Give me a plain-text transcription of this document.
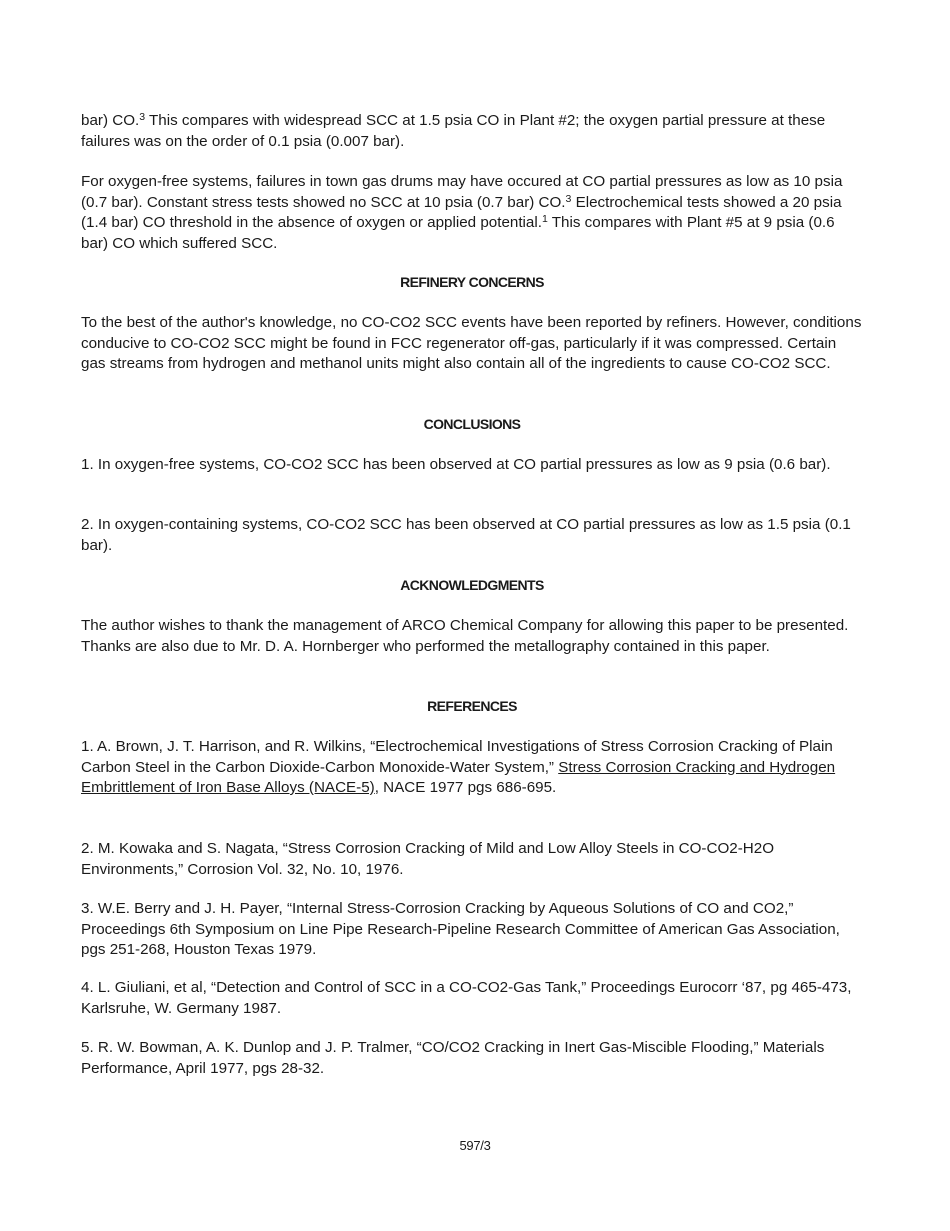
bar) CO.$^3$ This compares with widespread SCC at 1.5 psia CO in Plant #2; the oxygen partial pressure at these failures was on the order of 0.1 psia (0.007 bar).

For oxygen-free systems, failures in town gas drums may have occured at CO partial pressures as low as 10 psia (0.7 bar). Constant stress tests showed no SCC at 10 psia (0.7 bar) CO.$^3$ Electrochemical tests showed a 20 psia (1.4 bar) CO threshold in the absence of oxygen or applied potential.$^1$ This compares with Plant #5 at 9 psia (0.6 bar) CO which suffered SCC.

REFINERY CONCERNS

To the best of the author's knowledge, no CO-CO2 SCC events have been reported by refiners. However, conditions conducive to CO-CO2 SCC might be found in FCC regenerator off-gas, particularly if it was compressed. Certain gas streams from hydrogen and methanol units might also contain all of the ingredients to cause CO-CO2 SCC.

CONCLUSIONS

1. In oxygen-free systems, CO-CO2 SCC has been observed at CO partial pressures as low as 9 psia (0.6 bar).

2. In oxygen-containing systems, CO-CO2 SCC has been observed at CO partial pressures as low as 1.5 psia (0.1 bar).

ACKNOWLEDGMENTS

The author wishes to thank the management of ARCO Chemical Company for allowing this paper to be presented. Thanks are also due to Mr. D. A. Hornberger who performed the metallography contained in this paper.

REFERENCES

1. A. Brown, J. T. Harrison, and R. Wilkins, “Electrochemical Investigations of Stress Corrosion Cracking of Plain Carbon Steel in the Carbon Dioxide-Carbon Monoxide-Water System,” Stress Corrosion Cracking and Hydrogen Embrittlement of Iron Base Alloys (NACE-5), NACE 1977 pgs 686-695.

2. M. Kowaka and S. Nagata, “Stress Corrosion Cracking of Mild and Low Alloy Steels in CO-CO2-H2O Environments,” Corrosion Vol. 32, No. 10, 1976.

3. W.E. Berry and J. H. Payer, “Internal Stress-Corrosion Cracking by Aqueous Solutions of CO and CO2,” Proceedings 6th Symposium on Line Pipe Research-Pipeline Research Committee of American Gas Association, pgs 251-268, Houston Texas 1979.

4. L. Giuliani, et al, “Detection and Control of SCC in a CO-CO2-Gas Tank,” Proceedings Eurocorr ‘87, pg 465-473, Karlsruhe, W. Germany 1987.

5. R. W. Bowman, A. K. Dunlop and J. P. Tralmer, “CO/CO2 Cracking in Inert Gas-Miscible Flooding,” Materials Performance, April 1977, pgs 28-32.

597/3
